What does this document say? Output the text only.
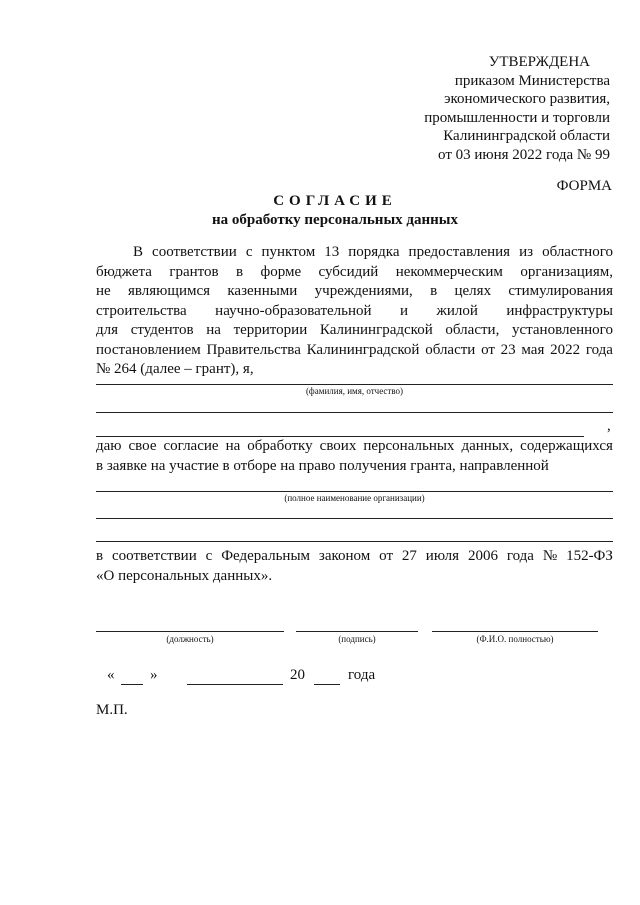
УТВЕРЖДЕНА
приказом Министерства
экономического развития,
промышленности и торговли
Калининградской области
от 03 июня 2022 года № 99
ФОРМА
СОГЛАСИЕ
на обработку персональных данных
В соответствии с пунктом 13 порядка предоставления из областного
бюджета грантов в форме субсидий некоммерческим организациям,
не являющимся казенными учреждениями, в целях стимулирования
строительства научно-образовательной и жилой инфраструктуры
для студентов на территории Калининградской области, установленного
постановлением Правительства Калининградской области от 23 мая 2022 года
№ 264 (далее – грант), я,
(фамилия, имя, отчество)
,
даю свое согласие на обработку своих персональных данных, содержащихся
в заявке на участие в отборе на право получения гранта, направленной
(полное наименование организации)
в соответствии с Федеральным законом от 27 июля 2006 года № 152-ФЗ
«О персональных данных».
(должность)	(подпись)	(Ф.И.О. полностью)
« »	20	года
М.П.
